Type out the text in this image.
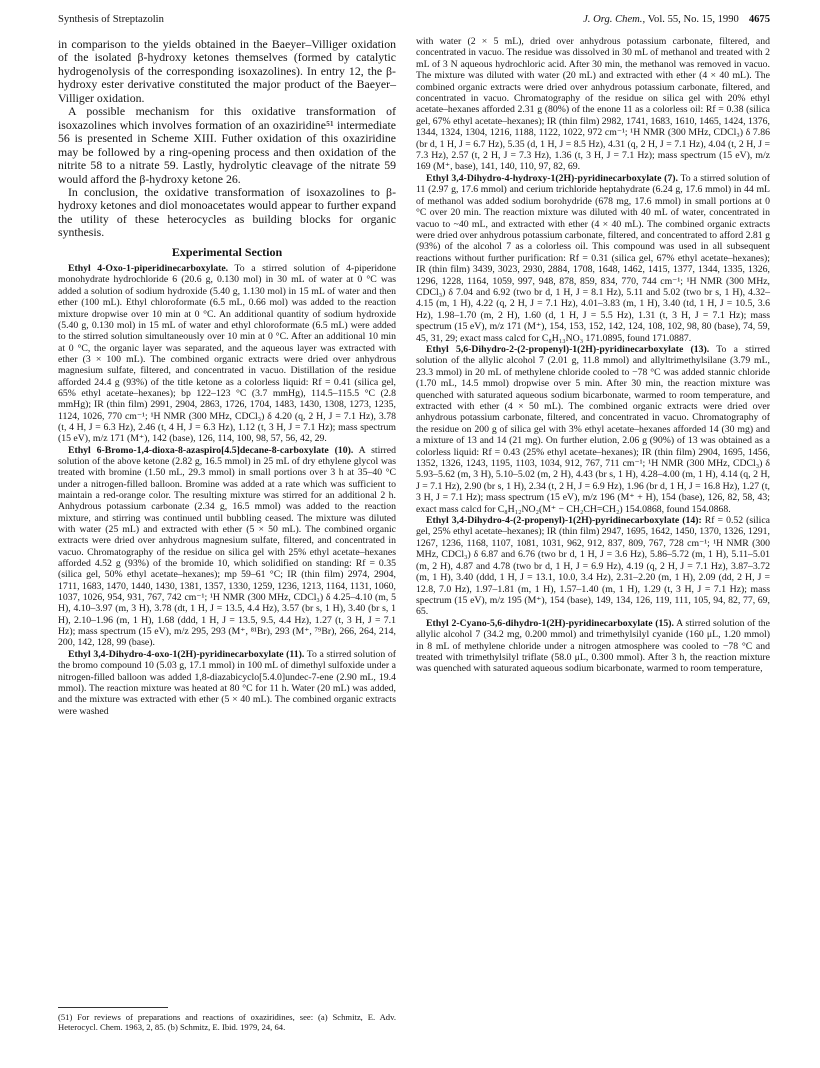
Synthesis of Streptazolin	J. Org. Chem., Vol. 55, No. 15, 1990 4675

in comparison to the yields obtained in the Baeyer–Villiger oxidation of the isolated β-hydroxy ketones themselves (formed by catalytic hydrogenolysis of the corresponding isoxazolines). In entry 12, the β-hydroxy ester derivative constituted the major product of the Baeyer–Villiger oxidation.

A possible mechanism for this oxidative transformation of isoxazolines which involves formation of an oxaziridine⁵¹ intermediate 56 is presented in Scheme XIII. Futher oxidation of this oxaziridine may be followed by a ring-opening process and then oxidation of the nitrite 58 to a nitrate 59. Lastly, hydrolytic cleavage of the nitrate 59 would afford the β-hydroxy ketone 26.

In conclusion, the oxidative transformation of isoxazolines to β-hydroxy ketones and diol monoacetates would appear to further expand the utility of these heterocycles as building blocks for organic synthesis.

Experimental Section

Ethyl 4-Oxo-1-piperidinecarboxylate. To a stirred solution of 4-piperidone monohydrate hydrochloride 6 (20.6 g, 0.130 mol) in 30 mL of water at 0 °C was added a solution of sodium hydroxide (5.40 g, 1.130 mol) in 15 mL of water and then ether (100 mL). Ethyl chloroformate (6.5 mL, 0.66 mol) was added to the reaction mixture dropwise over 10 min at 0 °C. An additional quantity of sodium hydroxide (5.40 g, 0.130 mol) in 15 mL of water and ethyl chloroformate (6.5 mL) were added to the stirred solution simultaneously over 10 min at 0 °C. After an additional 10 min at 0 °C, the organic layer was separated, and the aqueous layer was extracted with ether (3 × 100 mL). The combined organic extracts were dried over anhydrous magnesium sulfate, filtered, and concentrated in vacuo. Distillation of the residue afforded 24.4 g (93%) of the title ketone as a colorless liquid: Rf = 0.41 (silica gel, 65% ethyl acetate–hexanes); bp 122–123 °C (3.7 mmHg), 114.5–115.5 °C (2.8 mmHg); IR (thin film) 2991, 2904, 2863, 1726, 1704, 1483, 1430, 1308, 1273, 1235, 1124, 1026, 770 cm⁻¹; ¹H NMR (300 MHz, CDCl₃) δ 4.20 (q, 2 H, J = 7.1 Hz), 3.78 (t, 4 H, J = 6.3 Hz), 2.46 (t, 4 H, J = 6.3 Hz), 1.12 (t, 3 H, J = 7.1 Hz); mass spectrum (15 eV), m/z 171 (M⁺), 142 (base), 126, 114, 100, 98, 57, 56, 42, 29.

Ethyl 6-Bromo-1,4-dioxa-8-azaspiro[4.5]decane-8-carboxylate (10). A stirred solution of the above ketone (2.82 g, 16.5 mmol) in 25 mL of dry ethylene glycol was treated with bromine (1.50 mL, 29.3 mmol) in small portions over 3 h at 35–40 °C under a nitrogen-filled balloon. Bromine was added at a rate which was sufficient to maintain a red-orange color. The resulting mixture was stirred for an additional 2 h. Anhydrous potassium carbonate (2.34 g, 16.5 mmol) was added to the reaction mixture, and stirring was continued until bubbling ceased. The mixture was diluted with water (25 mL) and extracted with ether (5 × 50 mL). The combined organic extracts were dried over anhydrous magnesium sulfate, filtered, and concentrated in vacuo. Chromatography of the residue on silica gel with 25% ethyl acetate–hexanes afforded 4.52 g (93%) of the bromide 10, which solidified on standing: Rf = 0.35 (silica gel, 50% ethyl acetate–hexanes); mp 59–61 °C; IR (thin film) 2974, 2904, 1711, 1683, 1470, 1440, 1430, 1381, 1357, 1330, 1259, 1236, 1213, 1164, 1131, 1060, 1037, 1026, 954, 931, 767, 742 cm⁻¹; ¹H NMR (300 MHz, CDCl₃) δ 4.25–4.10 (m, 5 H), 4.10–3.97 (m, 3 H), 3.78 (dt, 1 H, J = 13.5, 4.4 Hz), 3.57 (br s, 1 H), 3.40 (br s, 1 H), 2.10–1.96 (m, 1 H), 1.68 (ddd, 1 H, J = 13.5, 9.5, 4.4 Hz), 1.27 (t, 3 H, J = 7.1 Hz); mass spectrum (15 eV), m/z 295, 293 (M⁺, ⁸¹Br), 293 (M⁺, ⁷⁹Br), 266, 264, 214, 200, 142, 128, 99 (base).

Ethyl 3,4-Dihydro-4-oxo-1(2H)-pyridinecarboxylate (11). To a stirred solution of the bromo compound 10 (5.03 g, 17.1 mmol) in 100 mL of dimethyl sulfoxide under a nitrogen-filled balloon was added 1,8-diazabicyclo[5.4.0]undec-7-ene (2.90 mL, 19.4 mmol). The reaction mixture was heated at 80 °C for 11 h. Water (20 mL) was added, and the mixture was extracted with ether (5 × 40 mL). The combined organic extracts were washed

with water (2 × 5 mL), dried over anhydrous potassium carbonate, filtered, and concentrated in vacuo. The residue was dissolved in 30 mL of methanol and treated with 2 mL of 3 N aqueous hydrochloric acid. After 30 min, the methanol was removed in vacuo. The mixture was diluted with water (20 mL) and extracted with ether (4 × 40 mL). The combined organic extracts were dried over anhydrous potassium carbonate, filtered, and concentrated in vacuo. Chromatography of the residue on silica gel with 20% ethyl acetate–hexanes afforded 2.31 g (80%) of the enone 11 as a colorless oil: Rf = 0.38 (silica gel, 67% ethyl acetate–hexanes); IR (thin film) 2982, 1741, 1683, 1610, 1465, 1424, 1376, 1344, 1324, 1304, 1216, 1188, 1122, 1022, 972 cm⁻¹; ¹H NMR (300 MHz, CDCl₃) δ 7.86 (br d, 1 H, J = 6.7 Hz), 5.35 (d, 1 H, J = 8.5 Hz), 4.31 (q, 2 H, J = 7.1 Hz), 4.04 (t, 2 H, J = 7.3 Hz), 2.57 (t, 2 H, J = 7.3 Hz), 1.36 (t, 3 H, J = 7.1 Hz); mass spectrum (15 eV), m/z 169 (M⁺, base), 141, 140, 110, 97, 82, 69.

Ethyl 3,4-Dihydro-4-hydroxy-1(2H)-pyridinecarboxylate (7). To a stirred solution of 11 (2.97 g, 17.6 mmol) and cerium trichloride heptahydrate (6.24 g, 17.6 mmol) in 44 mL of methanol was added sodium borohydride (678 mg, 17.6 mmol) in small portions at 0 °C over 20 min. The reaction mixture was diluted with 40 mL of water, concentrated in vacuo to ~40 mL, and extracted with ether (4 × 40 mL). The combined organic extracts were dried over anhydrous potassium carbonate, filtered, and concentrated to afford 2.81 g (93%) of the alcohol 7 as a colorless oil. This compound was used in all subsequent reactions without further purification: Rf = 0.31 (silica gel, 67% ethyl acetate–hexanes); IR (thin film) 3439, 3023, 2930, 2884, 1708, 1648, 1462, 1415, 1377, 1344, 1335, 1326, 1296, 1228, 1164, 1059, 997, 948, 878, 859, 834, 770, 744 cm⁻¹; ¹H NMR (300 MHz, CDCl₃) δ 7.04 and 6.92 (two br d, 1 H, J = 8.1 Hz), 5.11 and 5.02 (two br s, 1 H), 4.32–4.15 (m, 1 H), 4.22 (q, 2 H, J = 7.1 Hz), 4.01–3.83 (m, 1 H), 3.40 (td, 1 H, J = 10.5, 3.6 Hz), 1.98–1.70 (m, 2 H), 1.60 (d, 1 H, J = 5.5 Hz), 1.31 (t, 3 H, J = 7.1 Hz); mass spectrum (15 eV), m/z 171 (M⁺), 154, 153, 152, 142, 124, 108, 102, 98, 80 (base), 74, 59, 45, 31, 29; exact mass calcd for C₈H₁₃NO₃ 171.0895, found 171.0887.

Ethyl 5,6-Dihydro-2-(2-propenyl)-1(2H)-pyridinecarboxylate (13). To a stirred solution of the allylic alcohol 7 (2.01 g, 11.8 mmol) and allyltrimethylsilane (3.79 mL, 23.3 mmol) in 20 mL of methylene chloride cooled to −78 °C was added stannic chloride (1.70 mL, 14.5 mmol) dropwise over 5 min. After 30 min, the reaction mixture was quenched with saturated aqueous sodium bicarbonate, warmed to room temperature, and extracted with ether (4 × 50 mL). The combined organic extracts were dried over anhydrous potassium carbonate, filtered, and concentrated in vacuo. Chromatography of the residue on 200 g of silica gel with 3% ethyl acetate–hexanes afforded 14 (30 mg) and a mixture of 13 and 14 (21 mg). On further elution, 2.06 g (90%) of 13 was obtained as a colorless liquid: Rf = 0.43 (25% ethyl acetate–hexanes); IR (thin film) 2904, 1695, 1456, 1352, 1326, 1243, 1195, 1103, 1034, 912, 767, 711 cm⁻¹; ¹H NMR (300 MHz, CDCl₃) δ 5.93–5.62 (m, 3 H), 5.10–5.02 (m, 2 H), 4.43 (br s, 1 H), 4.28–4.00 (m, 1 H), 4.14 (q, 2 H, J = 7.1 Hz), 2.90 (br s, 1 H), 2.34 (t, 2 H, J = 6.9 Hz), 1.96 (br d, 1 H, J = 16.8 Hz), 1.27 (t, 3 H, J = 7.1 Hz); mass spectrum (15 eV), m/z 196 (M⁺ + H), 154 (base), 126, 82, 58, 43; exact mass calcd for C₈H₁₂NO₂(M⁺ − CH₂CH=CH₂) 154.0868, found 154.0868.

Ethyl 3,4-Dihydro-4-(2-propenyl)-1(2H)-pyridinecarboxylate (14): Rf = 0.52 (silica gel, 25% ethyl acetate–hexanes); IR (thin film) 2947, 1695, 1642, 1450, 1370, 1326, 1291, 1267, 1236, 1168, 1107, 1081, 1031, 962, 912, 837, 809, 767, 728 cm⁻¹; ¹H NMR (300 MHz, CDCl₃) δ 6.87 and 6.76 (two br d, 1 H, J = 3.6 Hz), 5.86–5.72 (m, 1 H), 5.11–5.01 (m, 2 H), 4.87 and 4.78 (two br d, 1 H, J = 6.9 Hz), 4.19 (q, 2 H, J = 7.1 Hz), 3.87–3.72 (m, 1 H), 3.40 (ddd, 1 H, J = 13.1, 10.0, 3.4 Hz), 2.31–2.20 (m, 1 H), 2.09 (dd, 2 H, J = 12.8, 7.0 Hz), 1.97–1.81 (m, 1 H), 1.57–1.40 (m, 1 H), 1.29 (t, 3 H, J = 7.1 Hz); mass spectrum (15 eV), m/z 195 (M⁺), 154 (base), 149, 134, 126, 119, 111, 105, 94, 82, 77, 69, 65.

Ethyl 2-Cyano-5,6-dihydro-1(2H)-pyridinecarboxylate (15). A stirred solution of the allylic alcohol 7 (34.2 mg, 0.200 mmol) and trimethylsilyl cyanide (160 μL, 1.20 mmol) in 8 mL of methylene chloride under a nitrogen atmosphere was cooled to −78 °C and treated with trimethylsilyl triflate (58.0 μL, 0.300 mmol). After 3 h, the reaction mixture was quenched with saturated aqueous sodium bicarbonate, warmed to room temperature,

(51) For reviews of preparations and reactions of oxaziridines, see: (a) Schmitz, E. Adv. Heterocycl. Chem. 1963, 2, 85. (b) Schmitz, E. Ibid. 1979, 24, 64.
